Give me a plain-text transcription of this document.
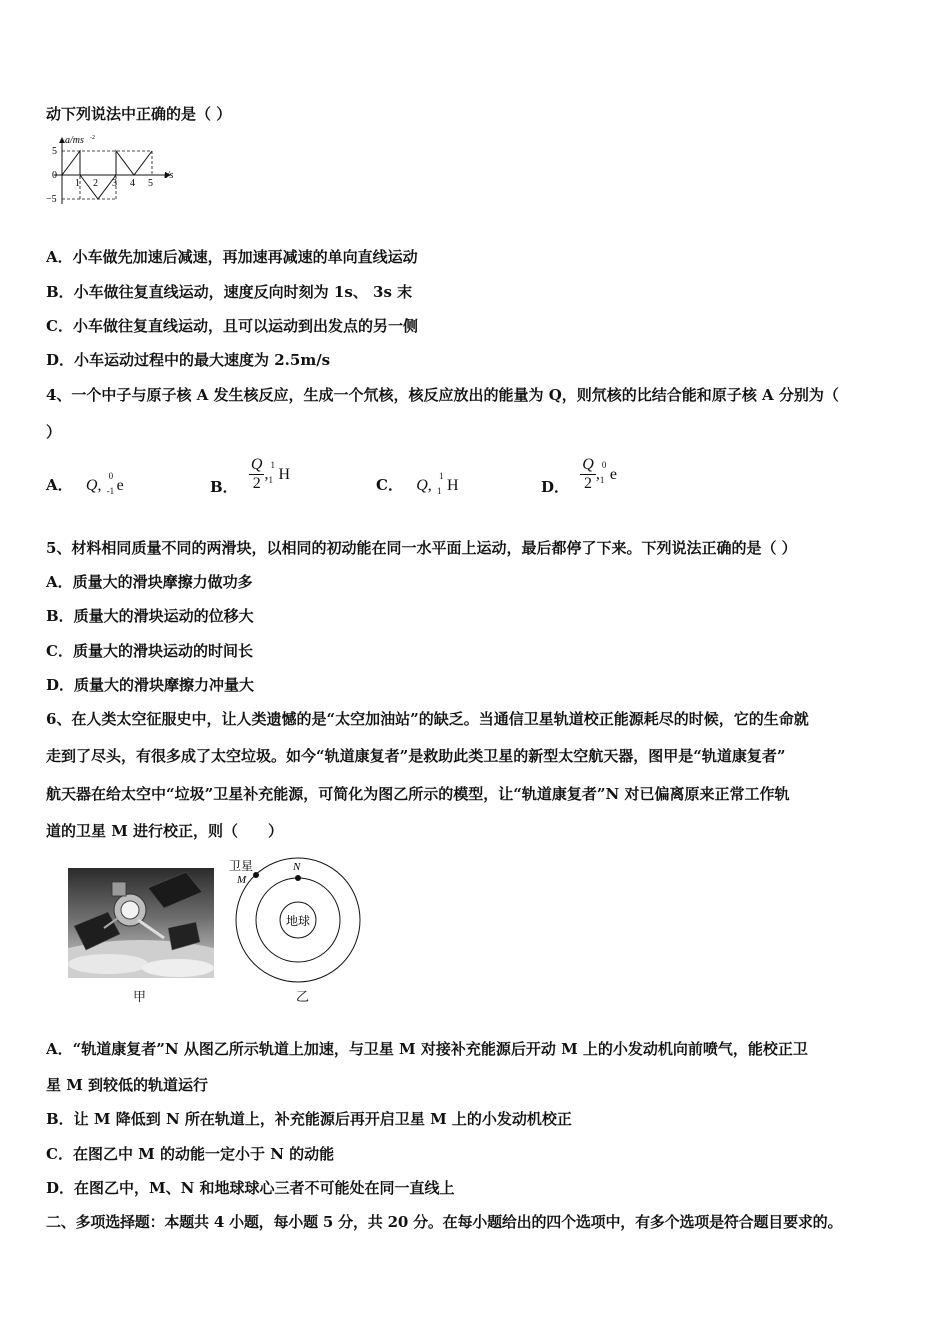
动下列说法中正确的是（ ）
a/ms -2
t/s
5
0
−5
1 2 3 4 5
A．小车做先加速后减速，再加速再减速的单向直线运动
B．小车做往复直线运动，速度反向时刻为 1s、 3s 末
C．小车做往复直线运动，且可以运动到出发点的另一侧
D．小车运动过程中的最大速度为 2.5m/s
4、一个中子与原子核 A 发生核反应，生成一个氘核，核反应放出的能量为 Q，则氘核的比结合能和原子核 A 分别为（
）
A． Q,
0
-1 e	B． $\frac{Q}{2}$ ,
1
1 H
C． Q,
1
1 H	D． $\frac{Q}{2}$ ,
0
1 e
5、材料相同质量不同的两滑块，以相同的初动能在同一水平面上运动，最后都停了下来。下列说法正确的是（ ）
A．质量大的滑块摩擦力做功多
B．质量大的滑块运动的位移大
C．质量大的滑块运动的时间长
D．质量大的滑块摩擦力冲量大
6、在人类太空征服史中，让人类遗憾的是“太空加油站”的缺乏。当通信卫星轨道校正能源耗尽的时候，它的生命就
走到了尽头，有很多成了太空垃圾。如今“轨道康复者”是救助此类卫星的新型太空航天器，图甲是“轨道康复者”
航天器在给太空中“垃圾”卫星补充能源，可简化为图乙所示的模型，让“轨道康复者”N 对已偏离原来正常工作轨
道的卫星 M 进行校正，则（　　）
甲
卫星
M
N
地球
乙
A．“轨道康复者”N 从图乙所示轨道上加速，与卫星 M 对接补充能源后开动 M 上的小发动机向前喷气，能校正卫
星 M 到较低的轨道运行
B．让 M 降低到 N 所在轨道上，补充能源后再开启卫星 M 上的小发动机校正
C．在图乙中 M 的动能一定小于 N 的动能
D．在图乙中，M、N 和地球球心三者不可能处在同一直线上
二、多项选择题：本题共 4 小题，每小题 5 分，共 20 分。在每小题给出的四个选项中，有多个选项是符合题目要求的。
